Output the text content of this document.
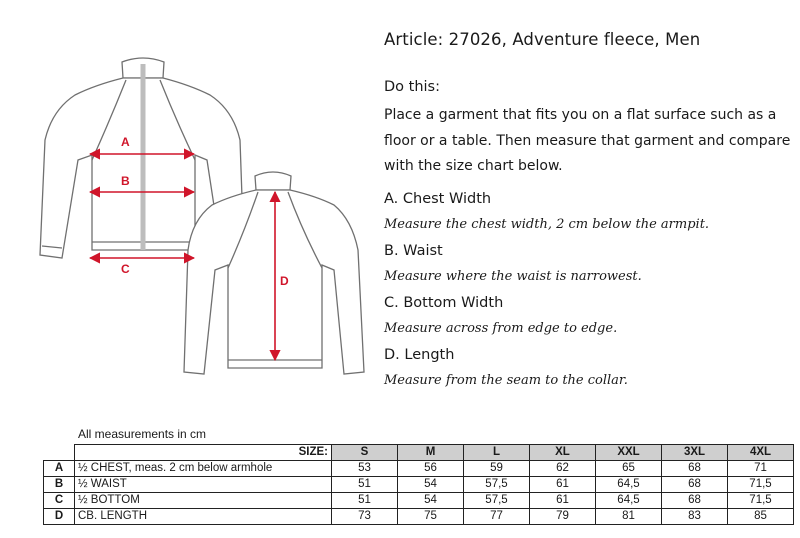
A
B
C
D
Article: 27026, Adventure fleece, Men
Do this:

Place a garment that fits you on a flat surface such as a floor or a table. Then measure that garment and compare with the size chart below.

A. Chest Width
Measure the chest width, 2 cm below the armpit.
B. Waist
Measure where the waist is narrowest.
C. Bottom Width
Measure across from edge to edge.
D. Length
Measure from the seam to the collar.
All measurements in cm
	SIZE:	S	M	L	XL	XXL	3XL	4XL
A	½ CHEST, meas. 2 cm below armhole	53	56	59	62	65	68	71
B	½ WAIST	51	54	57,5	61	64,5	68	71,5
C	½ BOTTOM	51	54	57,5	61	64,5	68	71,5
D	CB. LENGTH	73	75	77	79	81	83	85
